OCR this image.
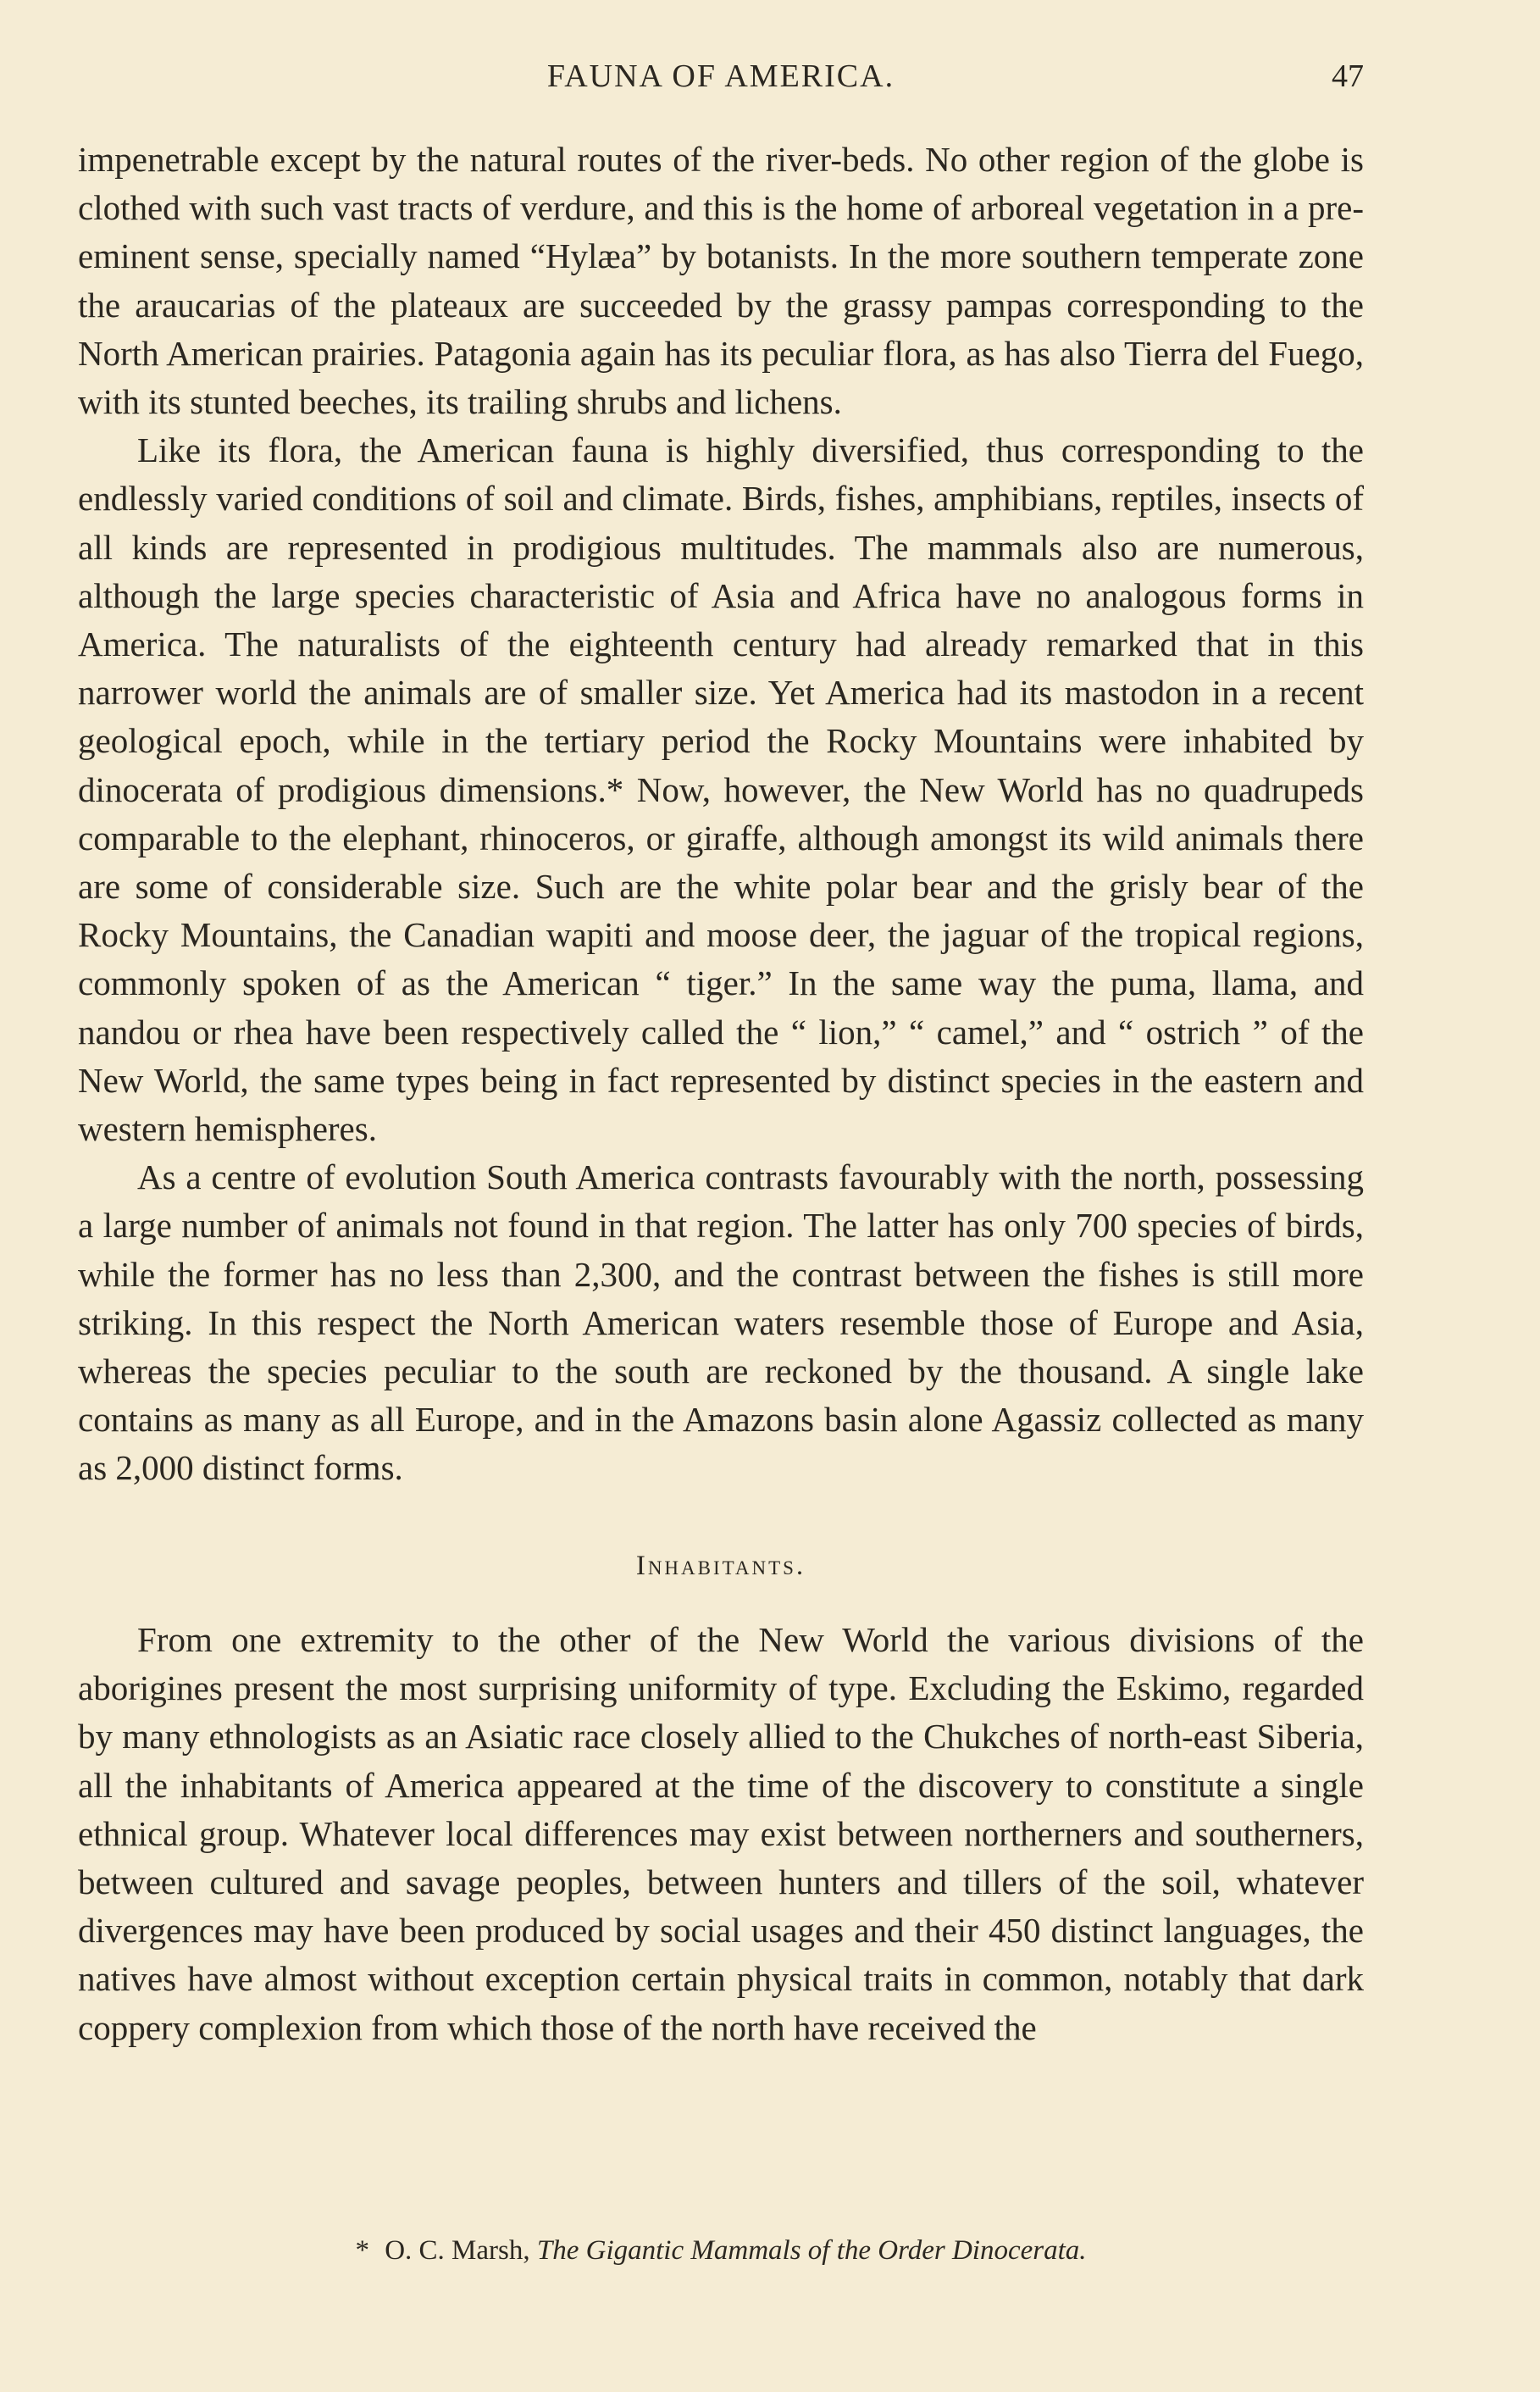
FAUNA OF AMERICA.	47

impenetrable except by the natural routes of the river-beds. No other region of the globe is clothed with such vast tracts of verdure, and this is the home of arboreal vegetation in a pre-eminent sense, specially named “Hylæa” by botanists. In the more southern temperate zone the araucarias of the plateaux are succeeded by the grassy pampas corresponding to the North American prairies. Patagonia again has its peculiar flora, as has also Tierra del Fuego, with its stunted beeches, its trailing shrubs and lichens.

Like its flora, the American fauna is highly diversified, thus corresponding to the endlessly varied conditions of soil and climate. Birds, fishes, amphibians, reptiles, insects of all kinds are represented in prodigious multitudes. The mammals also are numerous, although the large species characteristic of Asia and Africa have no analogous forms in America. The naturalists of the eighteenth century had already remarked that in this narrower world the animals are of smaller size. Yet America had its mastodon in a recent geological epoch, while in the tertiary period the Rocky Mountains were inhabited by dinocerata of prodigious dimensions.* Now, however, the New World has no quadrupeds comparable to the elephant, rhinoceros, or giraffe, although amongst its wild animals there are some of considerable size. Such are the white polar bear and the grisly bear of the Rocky Mountains, the Canadian wapiti and moose deer, the jaguar of the tropical regions, commonly spoken of as the American “ tiger.” In the same way the puma, llama, and nandou or rhea have been respectively called the “ lion,” “ camel,” and “ ostrich ” of the New World, the same types being in fact represented by distinct species in the eastern and western hemispheres.

As a centre of evolution South America contrasts favourably with the north, possessing a large number of animals not found in that region. The latter has only 700 species of birds, while the former has no less than 2,300, and the contrast between the fishes is still more striking. In this respect the North American waters resemble those of Europe and Asia, whereas the species peculiar to the south are reckoned by the thousand. A single lake contains as many as all Europe, and in the Amazons basin alone Agassiz collected as many as 2,000 distinct forms.

Inhabitants.

From one extremity to the other of the New World the various divisions of the aborigines present the most surprising uniformity of type. Excluding the Eskimo, regarded by many ethnologists as an Asiatic race closely allied to the Chukches of north-east Siberia, all the inhabitants of America appeared at the time of the discovery to constitute a single ethnical group. Whatever local differences may exist between northerners and southerners, between cultured and savage peoples, between hunters and tillers of the soil, whatever divergences may have been produced by social usages and their 450 distinct languages, the natives have almost without exception certain physical traits in common, notably that dark coppery complexion from which those of the north have received the

* O. C. Marsh, The Gigantic Mammals of the Order Dinocerata.
